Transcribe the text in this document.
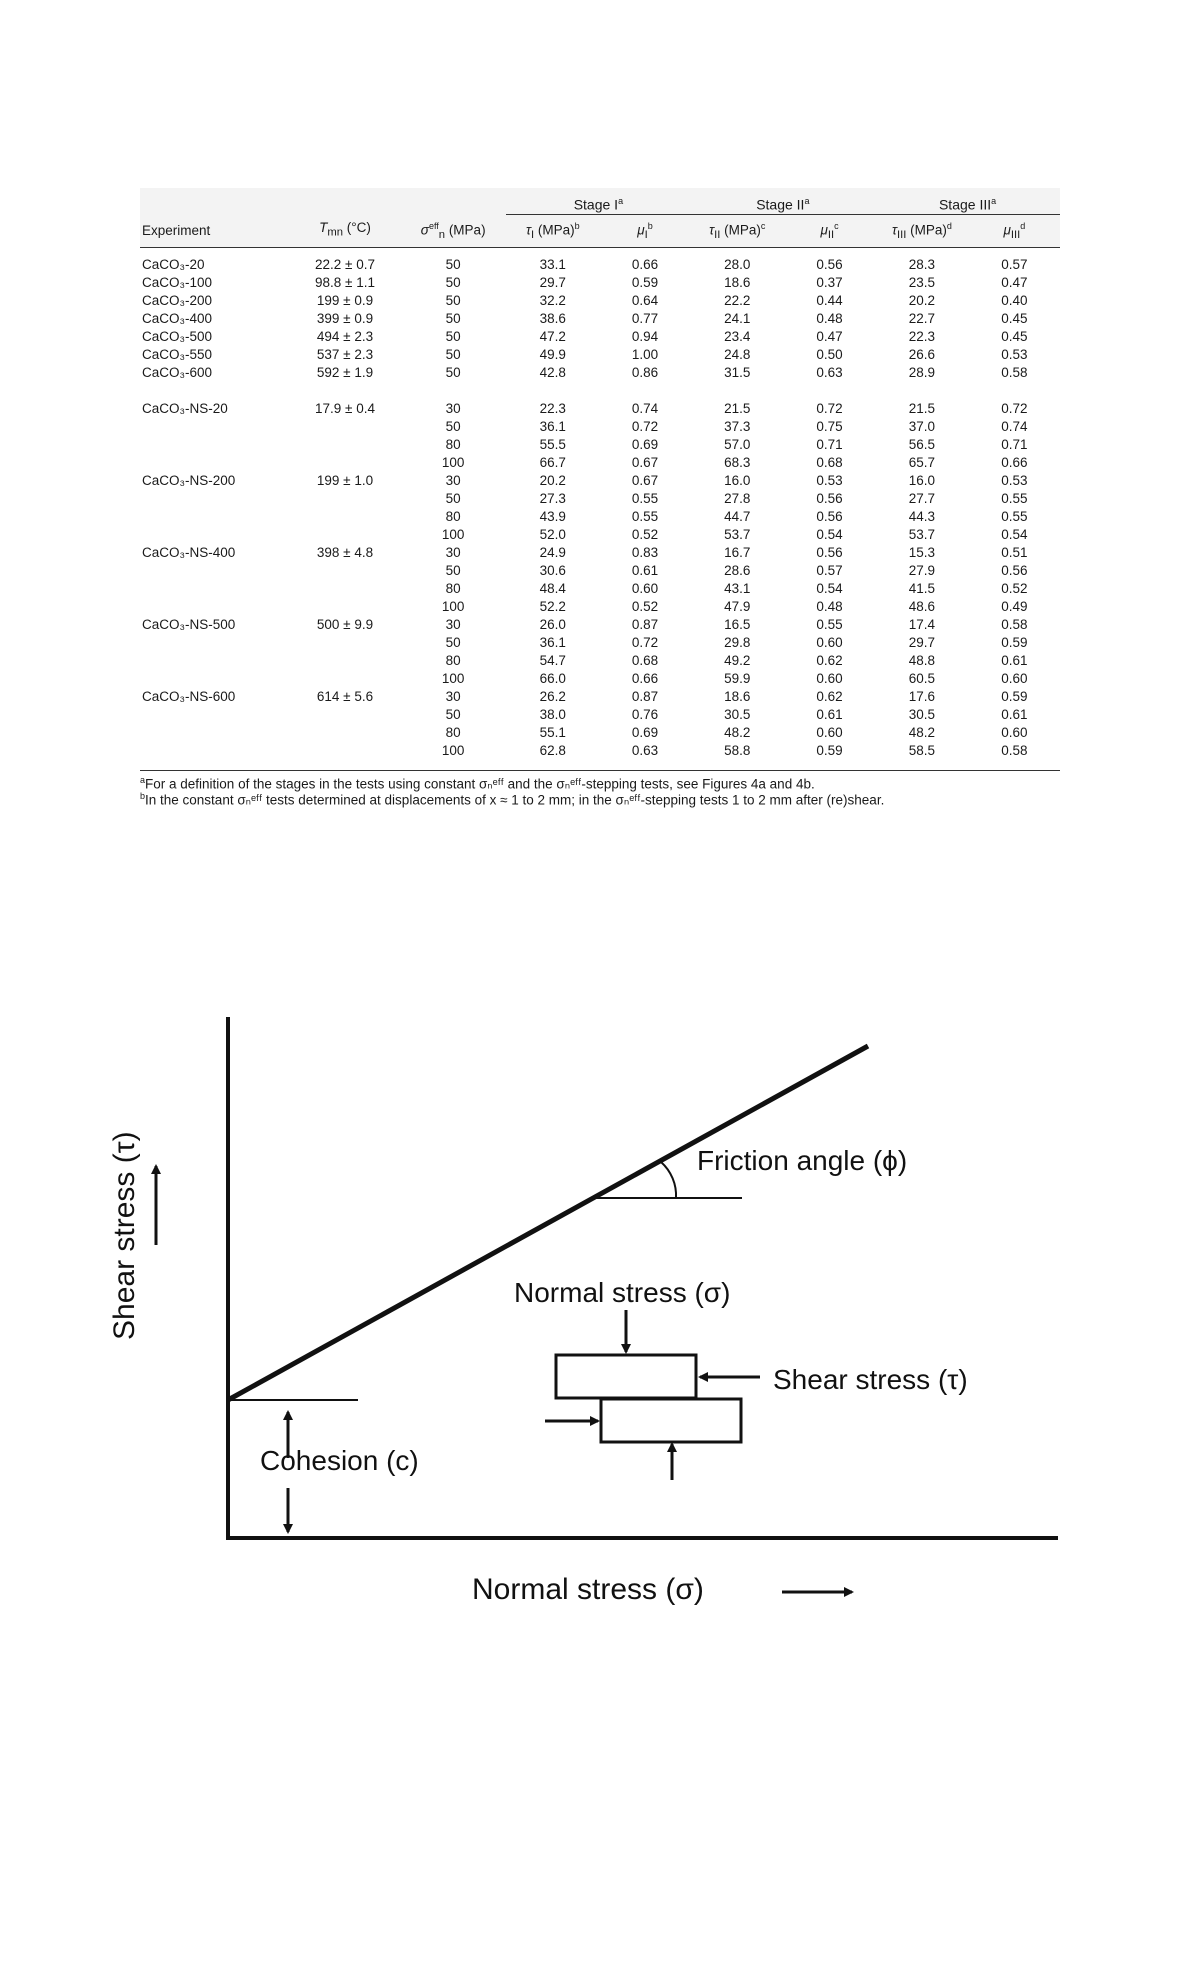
			Stage $I^a$		Stage $II^a$		Stage III$^a$
Experiment	$T_{mn}$ (°C)	$\sigma^{eff}_n$ (MPa)	$\tau_I$ (MPa)$^b$	$\mu_I^b$	$\tau_{II}$ (MPa)$^c$	$\mu_{II}^c$	$\tau_{III}$ (MPa)$^d$	$\mu_{III}^d$
CaCO₃-20	22.2 ± 0.7	50	33.1	0.66	28.0	0.56	28.3	0.57
CaCO₃-100	98.8 ± 1.1	50	29.7	0.59	18.6	0.37	23.5	0.47
CaCO₃-200	199 ± 0.9	50	32.2	0.64	22.2	0.44	20.2	0.40
CaCO₃-400	399 ± 0.9	50	38.6	0.77	24.1	0.48	22.7	0.45
CaCO₃-500	494 ± 2.3	50	47.2	0.94	23.4	0.47	22.3	0.45
CaCO₃-550	537 ± 2.3	50	49.9	1.00	24.8	0.50	26.6	0.53
CaCO₃-600	592 ± 1.9	50	42.8	0.86	31.5	0.63	28.9	0.58

CaCO₃-NS-20	17.9 ± 0.4	30	22.3	0.74	21.5	0.72	21.5	0.72
		50	36.1	0.72	37.3	0.75	37.0	0.74
		80	55.5	0.69	57.0	0.71	56.5	0.71
		100	66.7	0.67	68.3	0.68	65.7	0.66
CaCO₃-NS-200	199 ± 1.0	30	20.2	0.67	16.0	0.53	16.0	0.53
		50	27.3	0.55	27.8	0.56	27.7	0.55
		80	43.9	0.55	44.7	0.56	44.3	0.55
		100	52.0	0.52	53.7	0.54	53.7	0.54
CaCO₃-NS-400	398 ± 4.8	30	24.9	0.83	16.7	0.56	15.3	0.51
		50	30.6	0.61	28.6	0.57	27.9	0.56
		80	48.4	0.60	43.1	0.54	41.5	0.52
		100	52.2	0.52	47.9	0.48	48.6	0.49
CaCO₃-NS-500	500 ± 9.9	30	26.0	0.87	16.5	0.55	17.4	0.58
		50	36.1	0.72	29.8	0.60	29.7	0.59
		80	54.7	0.68	49.2	0.62	48.8	0.61
		100	66.0	0.66	59.9	0.60	60.5	0.60
CaCO₃-NS-600	614 ± 5.6	30	26.2	0.87	18.6	0.62	17.6	0.59
		50	38.0	0.76	30.5	0.61	30.5	0.61
		80	55.1	0.69	48.2	0.60	48.2	0.60
		100	62.8	0.63	58.8	0.59	58.5	0.58
$^a$For a definition of the stages in the tests using constant σₙᵉᶠᶠ and the σₙᵉᶠᶠ-stepping tests, see Figures 4a and 4b.
$^b$In the constant σₙᵉᶠᶠ tests determined at displacements of x ≈ 1 to 2 mm; in the σₙᵉᶠᶠ-stepping tests 1 to 2 mm after (re)shear.
Shear stress (τ)
Normal stress (σ)
Friction angle (ϕ)
Normal stress (σ)
Shear stress (τ)
Cohesion (c)
